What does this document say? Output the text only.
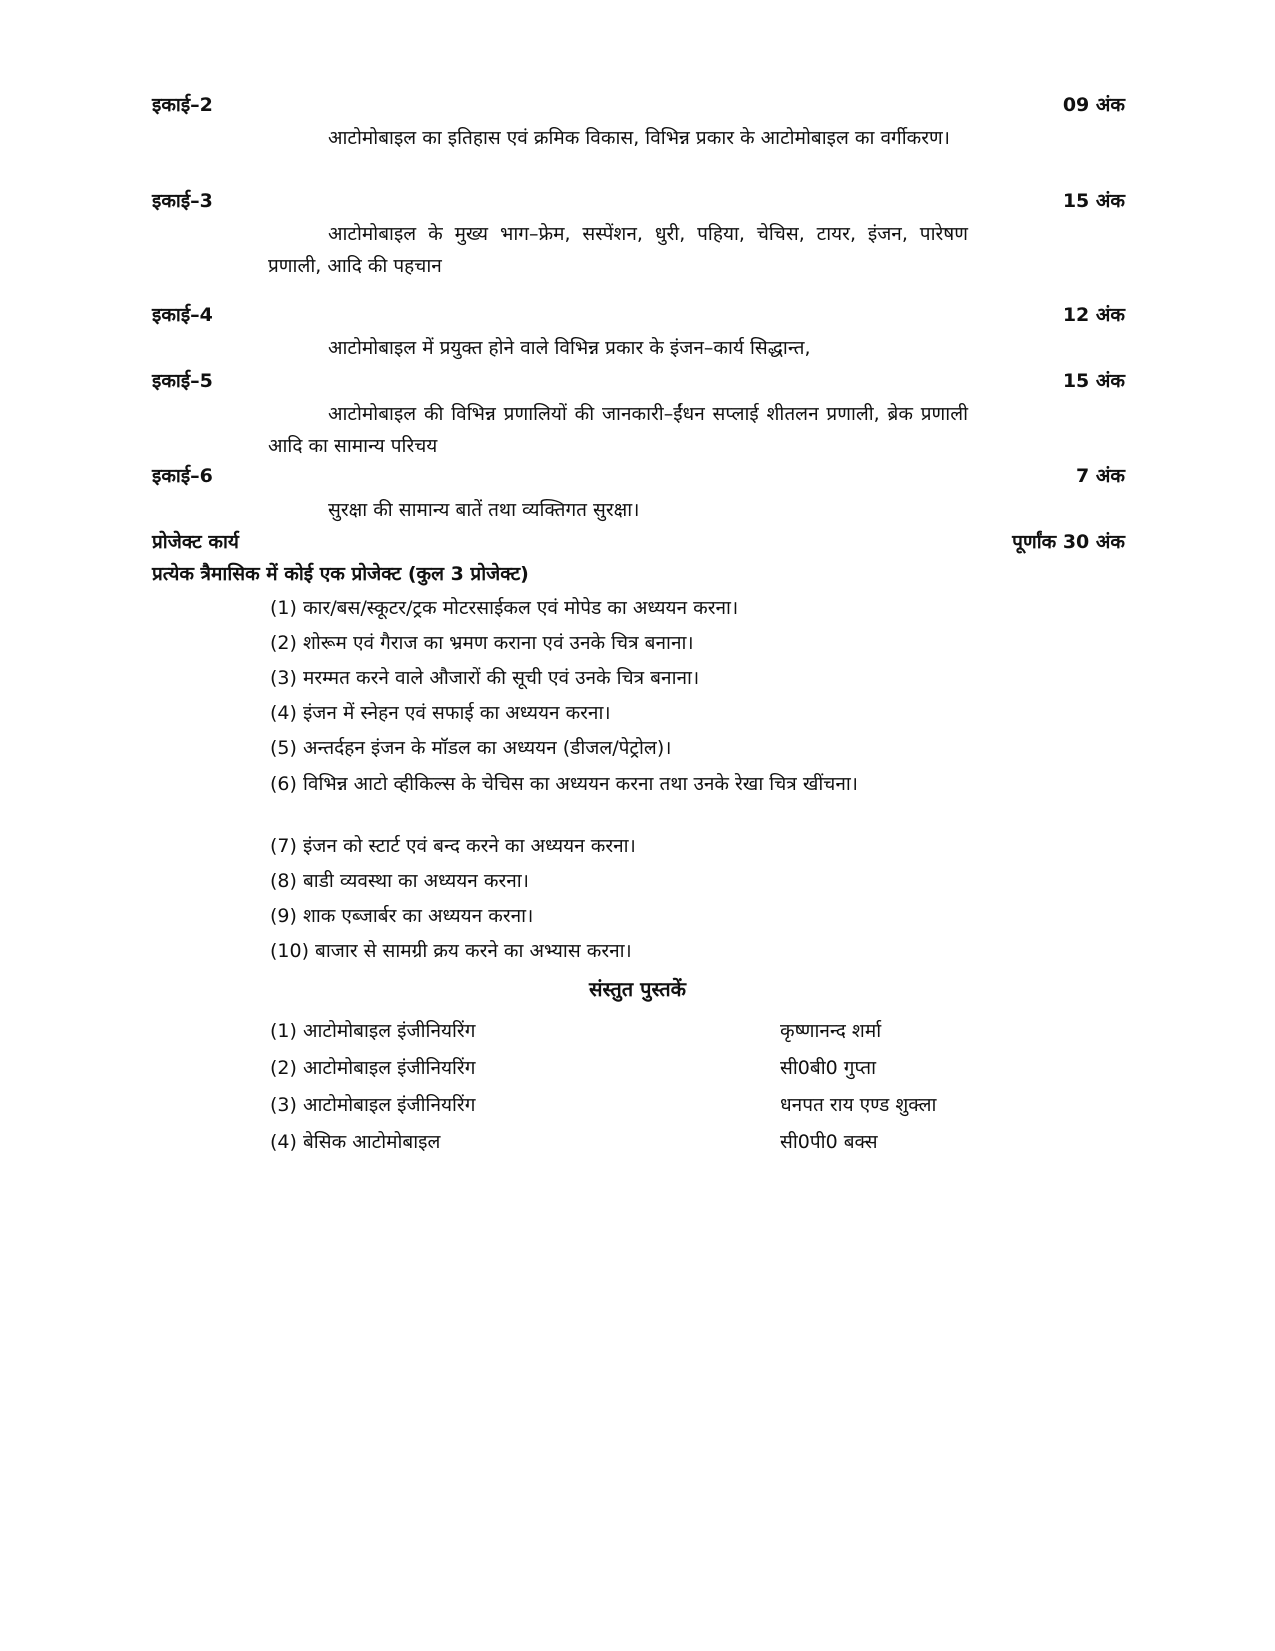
इकाई–2	09 अंक
आटोमोबाइल का इतिहास एवं क्रमिक विकास, विभिन्न प्रकार के आटोमोबाइल का वर्गीकरण।
इकाई–3	15 अंक
आटोमोबाइल के मुख्य भाग–फ्रेम, सस्पेंशन, धुरी, पहिया, चेचिस, टायर, इंजन, पारेषण प्रणाली, आदि की पहचान
इकाई–4	12 अंक
आटोमोबाइल में प्रयुक्त होने वाले विभिन्न प्रकार के इंजन–कार्य सिद्धान्त,
इकाई–5	15 अंक
आटोमोबाइल की विभिन्न प्रणालियों की जानकारी–ईंधन सप्लाई शीतलन प्रणाली, ब्रेक प्रणाली आदि का सामान्य परिचय
इकाई–6	7 अंक
सुरक्षा की सामान्य बातें तथा व्यक्तिगत सुरक्षा।
प्रोजेक्ट कार्य	पूर्णांक 30 अंक
प्रत्येक त्रैमासिक में कोई एक प्रोजेक्ट (कुल 3 प्रोजेक्ट)
(1) कार/बस/स्कूटर/ट्रक मोटरसाईकल एवं मोपेड का अध्ययन करना।
(2) शोरूम एवं गैराज का भ्रमण कराना एवं उनके चित्र बनाना।
(3) मरम्मत करने वाले औजारों की सूची एवं उनके चित्र बनाना।
(4) इंजन में स्नेहन एवं सफाई का अध्ययन करना।
(5) अन्तर्दहन इंजन के मॉडल का अध्ययन (डीजल/पेट्रोल)।
(6) विभिन्न आटो व्हीकिल्स के चेचिस का अध्ययन करना तथा उनके रेखा चित्र खींचना।
(7) इंजन को स्टार्ट एवं बन्द करने का अध्ययन करना।
(8) बाडी व्यवस्था का अध्ययन करना।
(9) शाक एब्जार्बर का अध्ययन करना।
(10) बाजार से सामग्री क्रय करने का अभ्यास करना।
संस्तुत पुस्तकें
(1) आटोमोबाइल इंजीनियरिंग	कृष्णानन्द शर्मा
(2) आटोमोबाइल इंजीनियरिंग	सी0बी0 गुप्ता
(3) आटोमोबाइल इंजीनियरिंग	धनपत राय एण्ड शुक्ला
(4) बेसिक आटोमोबाइल	सी0पी0 बक्स
